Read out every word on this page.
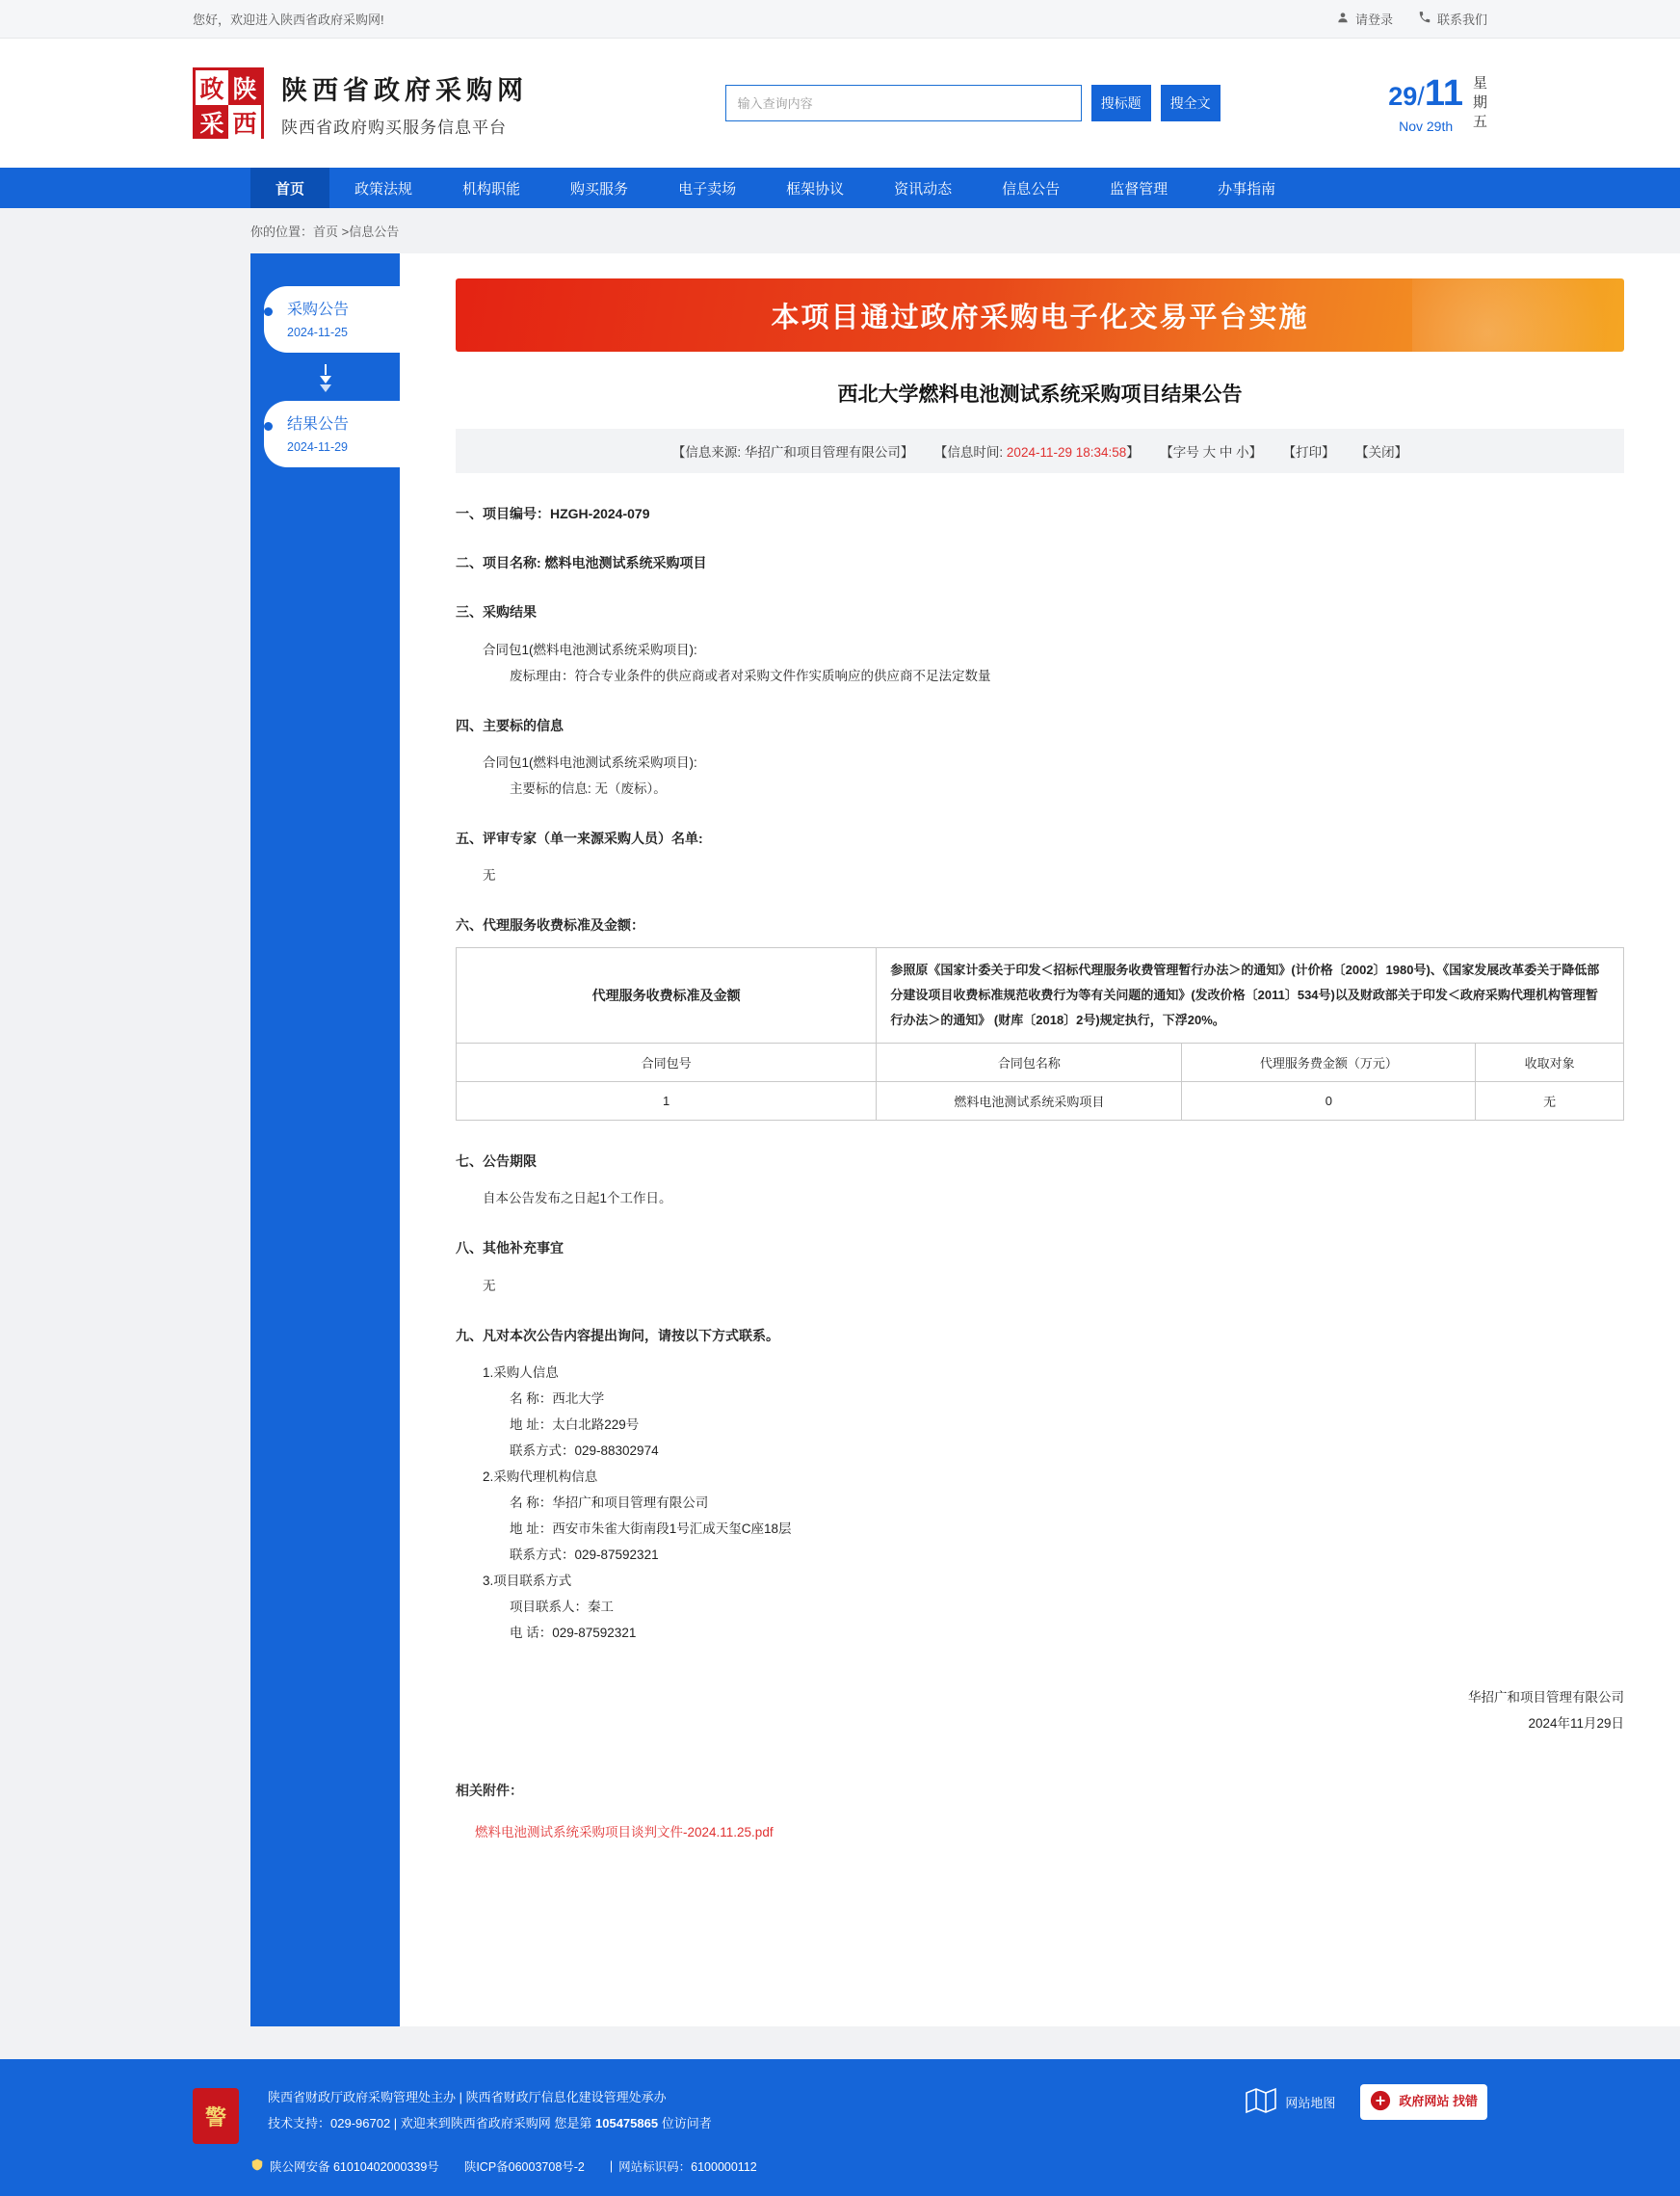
您好，欢迎进入陕西省政府采购网!	请登录	联系我们
政 陕
采 西
陕西省政府采购网
陕西省政府购买服务信息平台
输入查询内容
搜标题	搜全文	29/11
Nov 29th
星
期
五
首页	政策法规	机构职能	购买服务	电子卖场	框架协议	资讯动态	信息公告	监督管理	办事指南
你的位置：首页 >信息公告
采购公告
2024-11-25
结果公告
2024-11-29
本项目通过政府采购电子化交易平台实施
西北大学燃料电池测试系统采购项目结果公告
【信息来源: 华招广和项目管理有限公司】 【信息时间: 2024-11-29 18:34:58】 【字号 大 中 小】 【打印】 【关闭】
一、项目编号：HZGH-2024-079
二、项目名称: 燃料电池测试系统采购项目
三、采购结果
合同包1(燃料电池测试系统采购项目):
废标理由：符合专业条件的供应商或者对采购文件作实质响应的供应商不足法定数量
四、主要标的信息
合同包1(燃料电池测试系统采购项目):
主要标的信息: 无（废标）。
五、评审专家（单一来源采购人员）名单:
无
六、代理服务收费标准及金额：
代理服务收费标准及金额	参照原《国家计委关于印发＜招标代理服务收费管理暂行办法＞的通知》(计价格〔2002〕1980号)、《国家发展改革委关于降低部分建设项目收费标准规范收费行为等有关问题的通知》(发改价格〔2011〕534号)以及财政部关于印发＜政府采购代理机构管理暂行办法＞的通知》 (财库〔2018〕2号)规定执行，下浮20%。		
合同包号	合同包名称	代理服务费金额（万元）	收取对象
1	燃料电池测试系统采购项目	0	无
七、公告期限
自本公告发布之日起1个工作日。
八、其他补充事宜
无
九、凡对本次公告内容提出询问，请按以下方式联系。
1.采购人信息
名 称：西北大学
地 址：太白北路229号
联系方式：029-88302974
2.采购代理机构信息
名 称：华招广和项目管理有限公司
地 址：西安市朱雀大街南段1号汇成天玺C座18层
联系方式：029-87592321
3.项目联系方式
项目联系人：秦工
电 话：029-87592321
华招广和项目管理有限公司
2024年11月29日
相关附件：
燃料电池测试系统采购项目谈判文件-2024.11.25.pdf
警
陕西省财政厅政府采购管理处主办 | 陕西省财政厅信息化建设管理处承办
技术支持：029-96702 | 欢迎来到陕西省政府采购网 您是第 105475865 位访问者
网站地图	政府网站 找错
陕公网安备 61010402000339号 陕ICP备06003708号-2 | 网站标识码：6100000112
